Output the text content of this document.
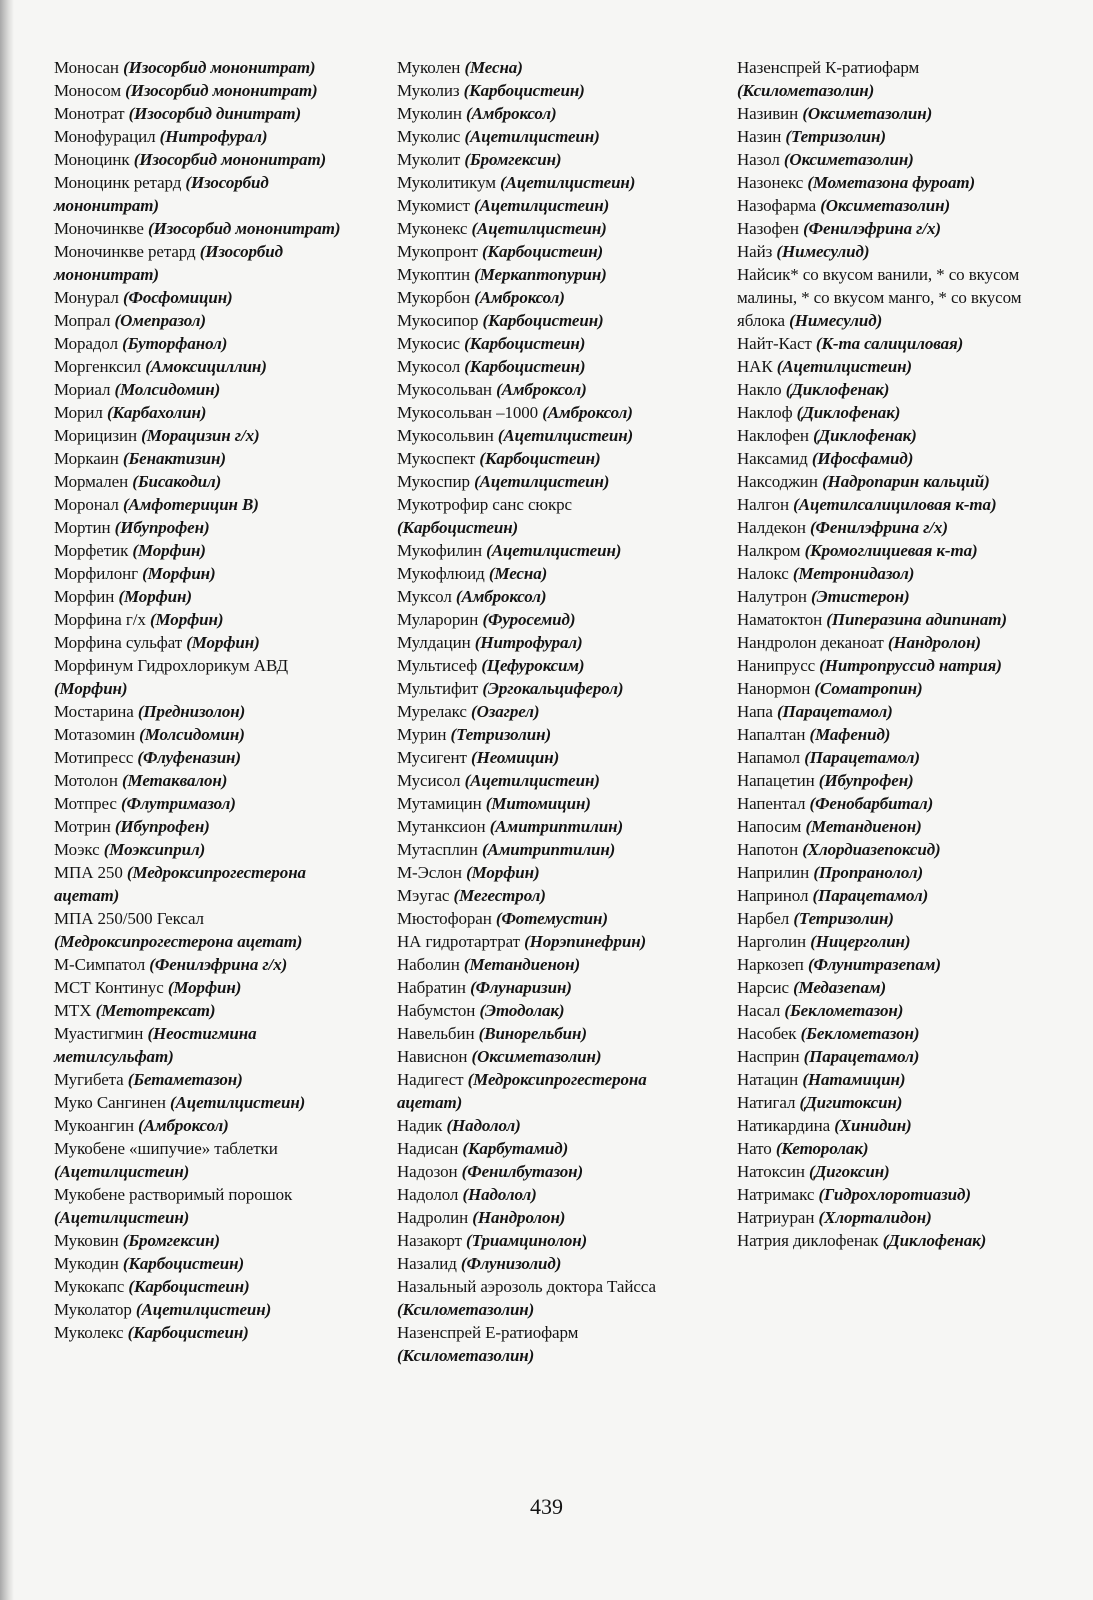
Моносан (Изосорбид мононитрат)

Моносом (Изосорбид мононитрат)

Монотрат (Изосорбид динитрат)

Монофурацил (Нитрофурал)

Моноцинк (Изосорбид мононитрат)

Моноцинк ретард (Изосорбид мононитрат)

Моночинкве (Изосорбид мононитрат)

Моночинкве ретард (Изосорбид мононитрат)

Монурал (Фосфомицин)

Мопрал (Омепразол)

Морадол (Буторфанол)

Моргенксил (Амоксициллин)

Мориал (Молсидомин)

Морил (Карбахолин)

Морицизин (Морацизин г/х)

Моркаин (Бенактизин)

Мормален (Бисакодил)

Моронал (Амфотерицин В)

Мортин (Ибупрофен)

Морфетик (Морфин)

Морфилонг (Морфин)

Морфин (Морфин)

Морфина г/х (Морфин)

Морфина сульфат (Морфин)

Морфинум Гидрохлорикум АВД (Морфин)

Мостарина (Преднизолон)

Мотазомин (Молсидомин)

Мотипресс (Флуфеназин)

Мотолон (Метаквалон)

Мотпрес (Флутримазол)

Мотрин (Ибупрофен)

Моэкс (Моэксиприл)

МПА 250 (Медроксипрогестерона ацетат)

МПА 250/500 Гексал (Медроксипрогестерона ацетат)

М-Симпатол (Фенилэфрина г/х)

МСТ Континус (Морфин)

МТХ (Метотрексат)

Муастигмин (Неостигмина метилсульфат)

Мугибета (Бетаметазон)

Муко Сангинен (Ацетилцистеин)

Мукоангин (Амброксол)

Мукобене «шипучие» таблетки (Ацетилцистеин)

Мукобене растворимый порошок (Ацетилцистеин)

Муковин (Бромгексин)

Мукодин (Карбоцистеин)

Мукокапс (Карбоцистеин)

Муколатор (Ацетилцистеин)

Муколекс (Карбоцистеин)

Муколен (Месна)

Муколиз (Карбоцистеин)

Муколин (Амброксол)

Муколис (Ацетилцистеин)

Муколит (Бромгексин)

Муколитикум (Ацетилцистеин)

Мукомист (Ацетилцистеин)

Муконекс (Ацетилцистеин)

Мукопронт (Карбоцистеин)

Мукоптин (Меркаптопурин)

Мукорбон (Амброксол)

Мукосипор (Карбоцистеин)

Мукосис (Карбоцистеин)

Мукосол (Карбоцистеин)

Мукосольван (Амброксол)

Мукосольван –1000 (Амброксол)

Мукосольвин (Ацетилцистеин)

Мукоспект (Карбоцистеин)

Мукоспир (Ацетилцистеин)

Мукотрофир санс сюкрс (Карбоцистеин)

Мукофилин (Ацетилцистеин)

Мукофлюид (Месна)

Муксол (Амброксол)

Муларорин (Фуросемид)

Мулдацин (Нитрофурал)

Мультисеф (Цефуроксим)

Мультифит (Эргокальциферол)

Мурелакс (Озагрел)

Мурин (Тетризолин)

Мусигент (Неомицин)

Мусисол (Ацетилцистеин)

Мутамицин (Митомицин)

Мутанксион (Амитриптилин)

Мутасплин (Амитриптилин)

М-Эслон (Морфин)

Мэугас (Мегестрол)

Мюстофоран (Фотемустин)

НА гидротартрат (Норэпинефрин)

Наболин (Метандиенон)

Набратин (Флунаризин)

Набумстон (Этодолак)

Навельбин (Винорельбин)

Нависнон (Оксиметазолин)

Надигест (Медроксипрогестерона ацетат)

Надик (Надолол)

Надисан (Карбутамид)

Надозон (Фенилбутазон)

Надолол (Надолол)

Надролин (Нандролон)

Назакорт (Триамцинолон)

Назалид (Флунизолид)

Назальный аэрозоль доктора Тайсса (Ксилометазолин)

Назенспрей Е-ратиофарм (Ксилометазолин)

Назенспрей К-ратиофарм (Ксилометазолин)

Називин (Оксиметазолин)

Назин (Тетризолин)

Назол (Оксиметазолин)

Назонекс (Мометазона фуроат)

Назофарма (Оксиметазолин)

Назофен (Фенилэфрина г/х)

Найз (Нимесулид)

Найсик* со вкусом ванили, * со вкусом малины, * со вкусом манго, * со вкусом яблока (Нимесулид)

Найт-Каст (К-та салициловая)

НАК (Ацетилцистеин)

Накло (Диклофенак)

Наклоф (Диклофенак)

Наклофен (Диклофенак)

Наксамид (Ифосфамид)

Наксоджин (Надропарин кальций)

Налгон (Ацетилсалициловая к-та)

Налдекон (Фенилэфрина г/х)

Налкром (Кромоглициевая к-та)

Налокс (Метронидазол)

Налутрон (Этистерон)

Наматоктон (Пиперазина адипинат)

Нандролон деканоат (Нандролон)

Нанипрусс (Нитропруссид натрия)

Нанормон (Соматропин)

Напа (Парацетамол)

Напалтан (Мафенид)

Напамол (Парацетамол)

Напацетин (Ибупрофен)

Напентал (Фенобарбитал)

Напосим (Метандиенон)

Напотон (Хлордиазепоксид)

Наприлин (Пропранолол)

Напринол (Парацетамол)

Нарбел (Тетризолин)

Нарголин (Ницерголин)

Наркозеп (Флунитразепам)

Нарсис (Медазепам)

Насал (Беклометазон)

Насобек (Беклометазон)

Насприн (Парацетамол)

Натацин (Натамицин)

Натигал (Дигитоксин)

Натикардина (Хинидин)

Нато (Кеторолак)

Натоксин (Дигоксин)

Натримакс (Гидрохлоротиазид)

Натриуран (Хлорталидон)

Натрия диклофенак (Диклофенак)

439
